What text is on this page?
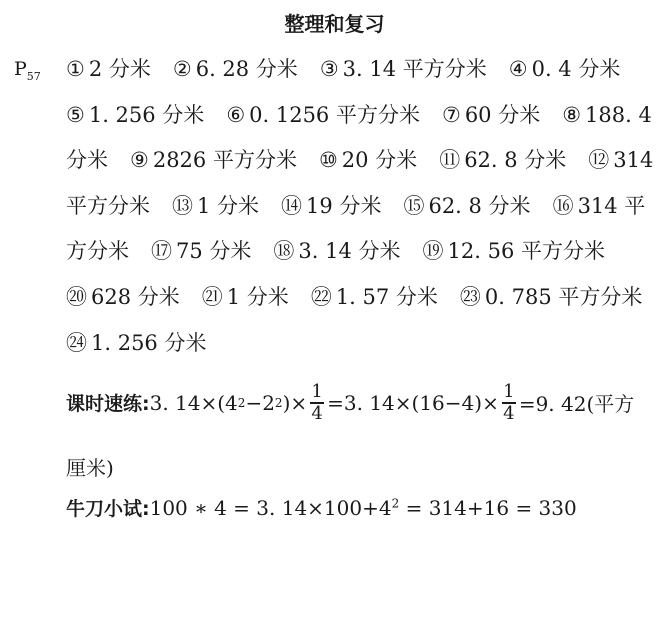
整理和复习
$P_{57}$ ① 2 分米 ② 6. 28 分米 ③ 3. 14 平方分米 ④ 0. 4 分米
⑤ 1. 256 分米 ⑥ 0. 1256 平方分米 ⑦ 60 分米 ⑧ 188. 4
分米 ⑨ 2826 平方分米 ⑩ 20 分米 ⑪ 62. 8 分米 ⑫ 314
平方分米 ⑬ 1 分米 ⑭ 19 分米 ⑮ 62. 8 分米 ⑯ 314 平
方分米 ⑰ 75 分米 ⑱ 3. 14 分米 ⑲ 12. 56 平方分米
⑳ 628 分米 ㉑ 1 分米 ㉒ 1. 57 分米 ㉓ 0. 785 平方分米
㉔ 1. 256 分米
课时速练: 3. 14×(4 2 −2 2 )× $\frac{1}{4} =3$. $14\times(16-4)\times \frac{1}{4} =9$. 42(平方
厘米)
牛刀小试:100 ∗ 4 = 3. $14\times 100+4^2 = 314+16 = 330$
